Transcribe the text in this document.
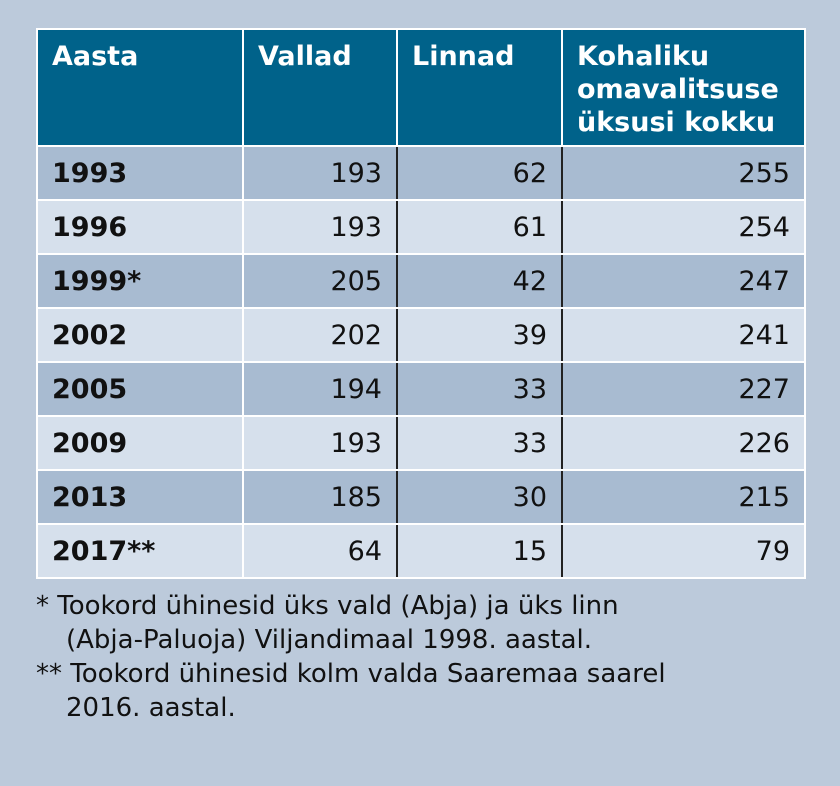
Aasta	Vallad	Linnad	Kohaliku omavalitsuse üksusi kokku
1993	193	62	255
1996	193	61	254
1999*	205	42	247
2002	202	39	241
2005	194	33	227
2009	193	33	226
2013	185	30	215
2017**	64	15	79
* Tookord ühinesid üks vald (Abja) ja üks linn
(Abja-Paluoja) Viljandimaal 1998. aastal.
** Tookord ühinesid kolm valda Saaremaa saarel
2016. aastal.
